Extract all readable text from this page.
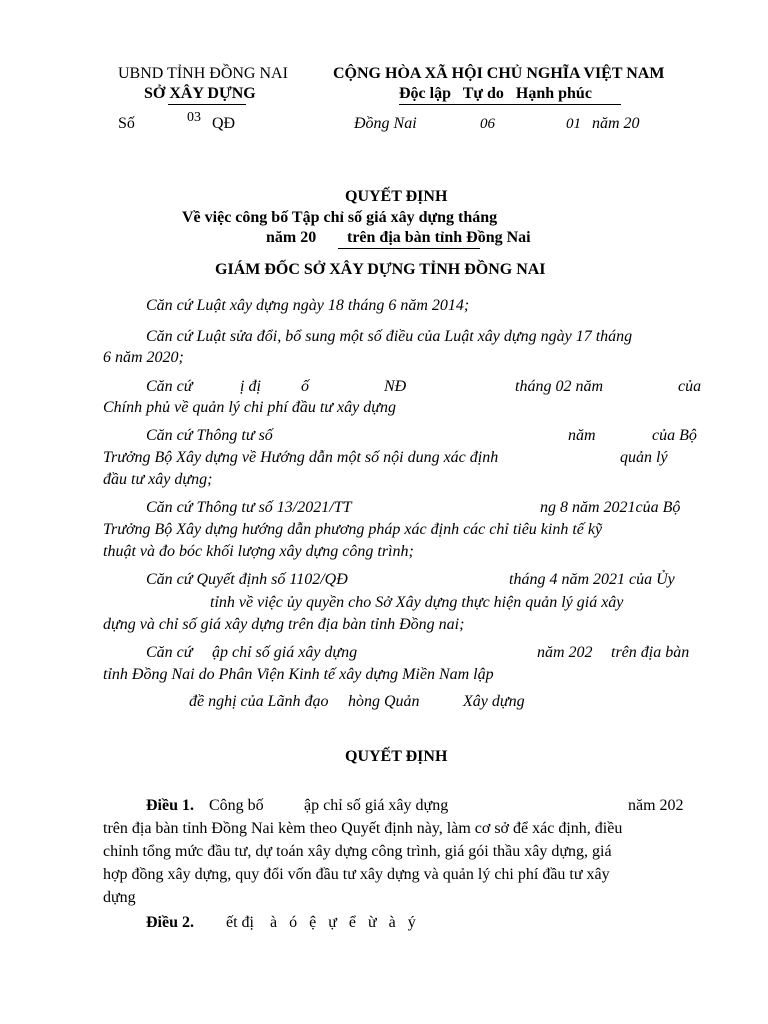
UBND TỈNH ĐỒNG NAI
SỞ XÂY DỰNG
CỘNG HÒA XÃ HỘI CHỦ NGHĨA VIỆT NAM
Độc lập   Tự do   Hạnh phúc
Số	03 QĐ	Đồng Nai	06	01 năm 20
QUYẾT ĐỊNH
Về việc công bố Tập chỉ số giá xây dựng tháng
năm 20 trên địa bàn tỉnh Đồng Nai
GIÁM ĐỐC SỞ XÂY DỰNG TỈNH ĐỒNG NAI
Căn cứ Luật xây dựng ngày 18 tháng 6 năm 2014;
Căn cứ Luật sửa đổi, bổ sung một số điều của Luật xây dựng ngày 17 tháng
6 năm 2020;
Căn cứ	ị đị	ố	NĐ	tháng 02 năm	của
Chính phủ về quản lý chi phí đầu tư xây dựng
Căn cứ Thông tư số	năm	của Bộ
Trưởng Bộ Xây dựng về Hướng dẫn một số nội dung xác định	quản lý
đầu tư xây dựng;
Căn cứ Thông tư số 13/2021/TT	ng 8 năm 2021của Bộ
Trưởng Bộ Xây dựng hướng dẫn phương pháp xác định các chỉ tiêu kinh tế kỹ
thuật và đo bóc khối lượng xây dựng công trình;
Căn cứ Quyết định số 1102/QĐ	tháng 4 năm 2021 của Ủy
tỉnh về việc ủy quyền cho Sở Xây dựng thực hiện quản lý giá xây
dựng và chỉ số giá xây dựng trên địa bàn tỉnh Đồng nai;
Căn cứ ập chỉ số giá xây dựng	năm 202 trên địa bàn
tỉnh Đồng Nai do Phân Viện Kinh tế xây dựng Miền Nam lập
đề nghị của Lãnh đạo hòng Quản	Xây dựng
QUYẾT ĐỊNH
Điều 1. Công bố	ập chỉ số giá xây dựng	năm 202
trên địa bàn tỉnh Đồng Nai kèm theo Quyết định này, làm cơ sở để xác định, điều
chỉnh tổng mức đầu tư, dự toán xây dựng công trình, giá gói thầu xây dựng, giá
hợp đồng xây dựng, quy đổi vốn đầu tư xây dựng và quản lý chi phí đầu tư xây
dựng
Điều 2. ết đị    à   ó   ệ   ự   ể   ừ   à   ý
